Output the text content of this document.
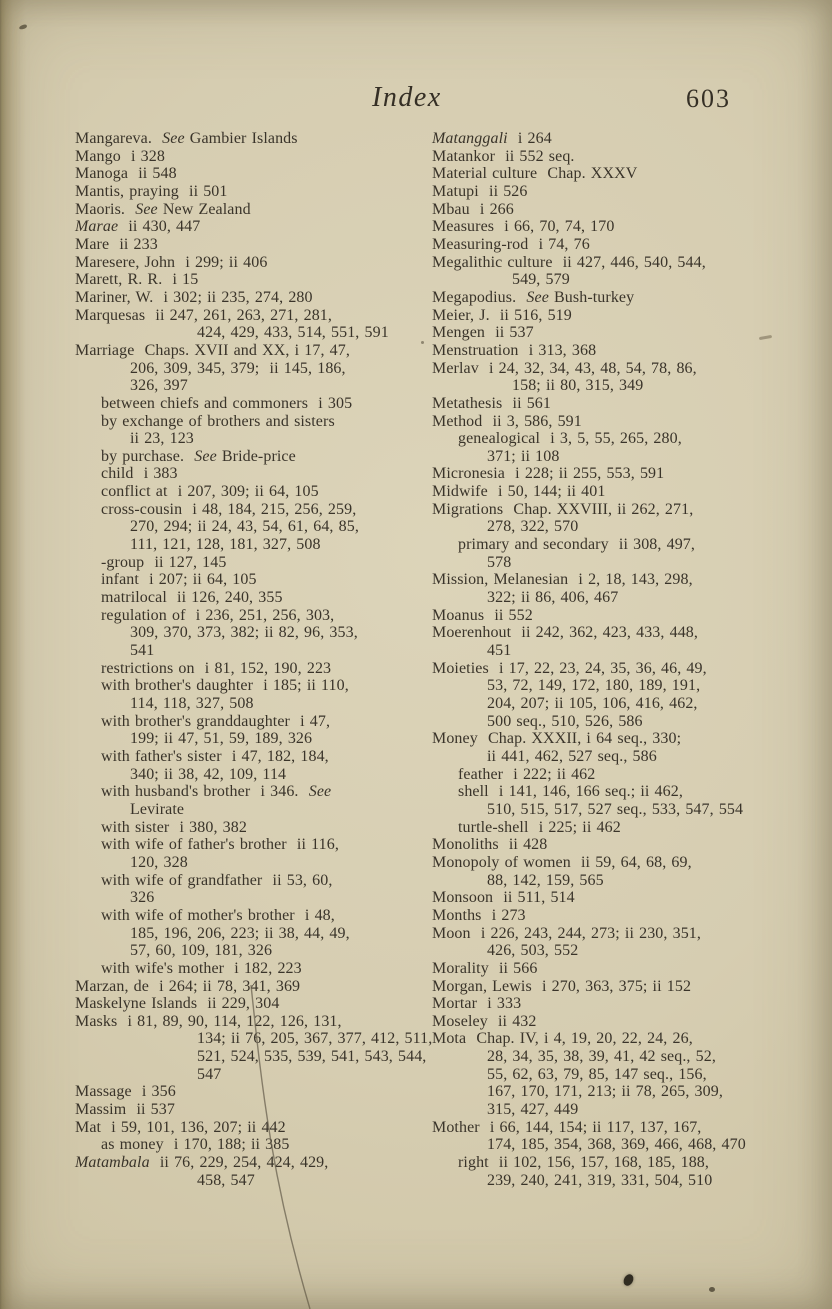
Index	603
Mangareva.  See Gambier Islands
Mango  i 328
Manoga  ii 548
Mantis, praying  ii 501
Maoris.  See New Zealand
Marae  ii 430, 447
Mare  ii 233
Maresere, John  i 299; ii 406
Marett, R. R.  i 15
Mariner, W.  i 302; ii 235, 274, 280
Marquesas  ii 247, 261, 263, 271, 281,
424, 429, 433, 514, 551, 591
Marriage  Chaps. XVII and XX, i 17, 47,
206, 309, 345, 379;  ii 145, 186,
326, 397
between chiefs and commoners  i 305
by exchange of brothers and sisters
ii 23, 123
by purchase.  See Bride-price
child  i 383
conflict at  i 207, 309; ii 64, 105
cross-cousin  i 48, 184, 215, 256, 259,
270, 294; ii 24, 43, 54, 61, 64, 85,
111, 121, 128, 181, 327, 508
-group  ii 127, 145
infant  i 207; ii 64, 105
matrilocal  ii 126, 240, 355
regulation of  i 236, 251, 256, 303,
309, 370, 373, 382; ii 82, 96, 353,
541
restrictions on  i 81, 152, 190, 223
with brother's daughter  i 185; ii 110,
114, 118, 327, 508
with brother's granddaughter  i 47,
199; ii 47, 51, 59, 189, 326
with father's sister  i 47, 182, 184,
340; ii 38, 42, 109, 114
with husband's brother  i 346.  See
Levirate
with sister  i 380, 382
with wife of father's brother  ii 116,
120, 328
with wife of grandfather  ii 53, 60,
326
with wife of mother's brother  i 48,
185, 196, 206, 223; ii 38, 44, 49,
57, 60, 109, 181, 326
with wife's mother  i 182, 223
Marzan, de  i 264; ii 78, 341, 369
Maskelyne Islands  ii 229, 304
Masks  i 81, 89, 90, 114, 122, 126, 131,
134; ii 76, 205, 367, 377, 412, 511,
521, 524, 535, 539, 541, 543, 544,
547
Massage  i 356
Massim  ii 537
Mat  i 59, 101, 136, 207; ii 442
as money  i 170, 188; ii 385
Matambala  ii 76, 229, 254, 424, 429,
458, 547
Matanggali  i 264
Matankor  ii 552 seq.
Material culture  Chap. XXXV
Matupi  ii 526
Mbau  i 266
Measures  i 66, 70, 74, 170
Measuring-rod  i 74, 76
Megalithic culture  ii 427, 446, 540, 544,
549, 579
Megapodius.  See Bush-turkey
Meier, J.  ii 516, 519
Mengen  ii 537
Menstruation  i 313, 368
Merlav  i 24, 32, 34, 43, 48, 54, 78, 86,
158; ii 80, 315, 349
Metathesis  ii 561
Method  ii 3, 586, 591
genealogical  i 3, 5, 55, 265, 280,
371; ii 108
Micronesia  i 228; ii 255, 553, 591
Midwife  i 50, 144; ii 401
Migrations  Chap. XXVIII, ii 262, 271,
278, 322, 570
primary and secondary  ii 308, 497,
578
Mission, Melanesian  i 2, 18, 143, 298,
322; ii 86, 406, 467
Moanus  ii 552
Moerenhout  ii 242, 362, 423, 433, 448,
451
Moieties  i 17, 22, 23, 24, 35, 36, 46, 49,
53, 72, 149, 172, 180, 189, 191,
204, 207; ii 105, 106, 416, 462,
500 seq., 510, 526, 586
Money  Chap. XXXII, i 64 seq., 330;
ii 441, 462, 527 seq., 586
feather  i 222; ii 462
shell  i 141, 146, 166 seq.; ii 462,
510, 515, 517, 527 seq., 533, 547, 554
turtle-shell  i 225; ii 462
Monoliths  ii 428
Monopoly of women  ii 59, 64, 68, 69,
88, 142, 159, 565
Monsoon  ii 511, 514
Months  i 273
Moon  i 226, 243, 244, 273; ii 230, 351,
426, 503, 552
Morality  ii 566
Morgan, Lewis  i 270, 363, 375; ii 152
Mortar  i 333
Moseley  ii 432
Mota  Chap. IV, i 4, 19, 20, 22, 24, 26,
28, 34, 35, 38, 39, 41, 42 seq., 52,
55, 62, 63, 79, 85, 147 seq., 156,
167, 170, 171, 213; ii 78, 265, 309,
315, 427, 449
Mother  i 66, 144, 154; ii 117, 137, 167,
174, 185, 354, 368, 369, 466, 468, 470
right  ii 102, 156, 157, 168, 185, 188,
239, 240, 241, 319, 331, 504, 510
